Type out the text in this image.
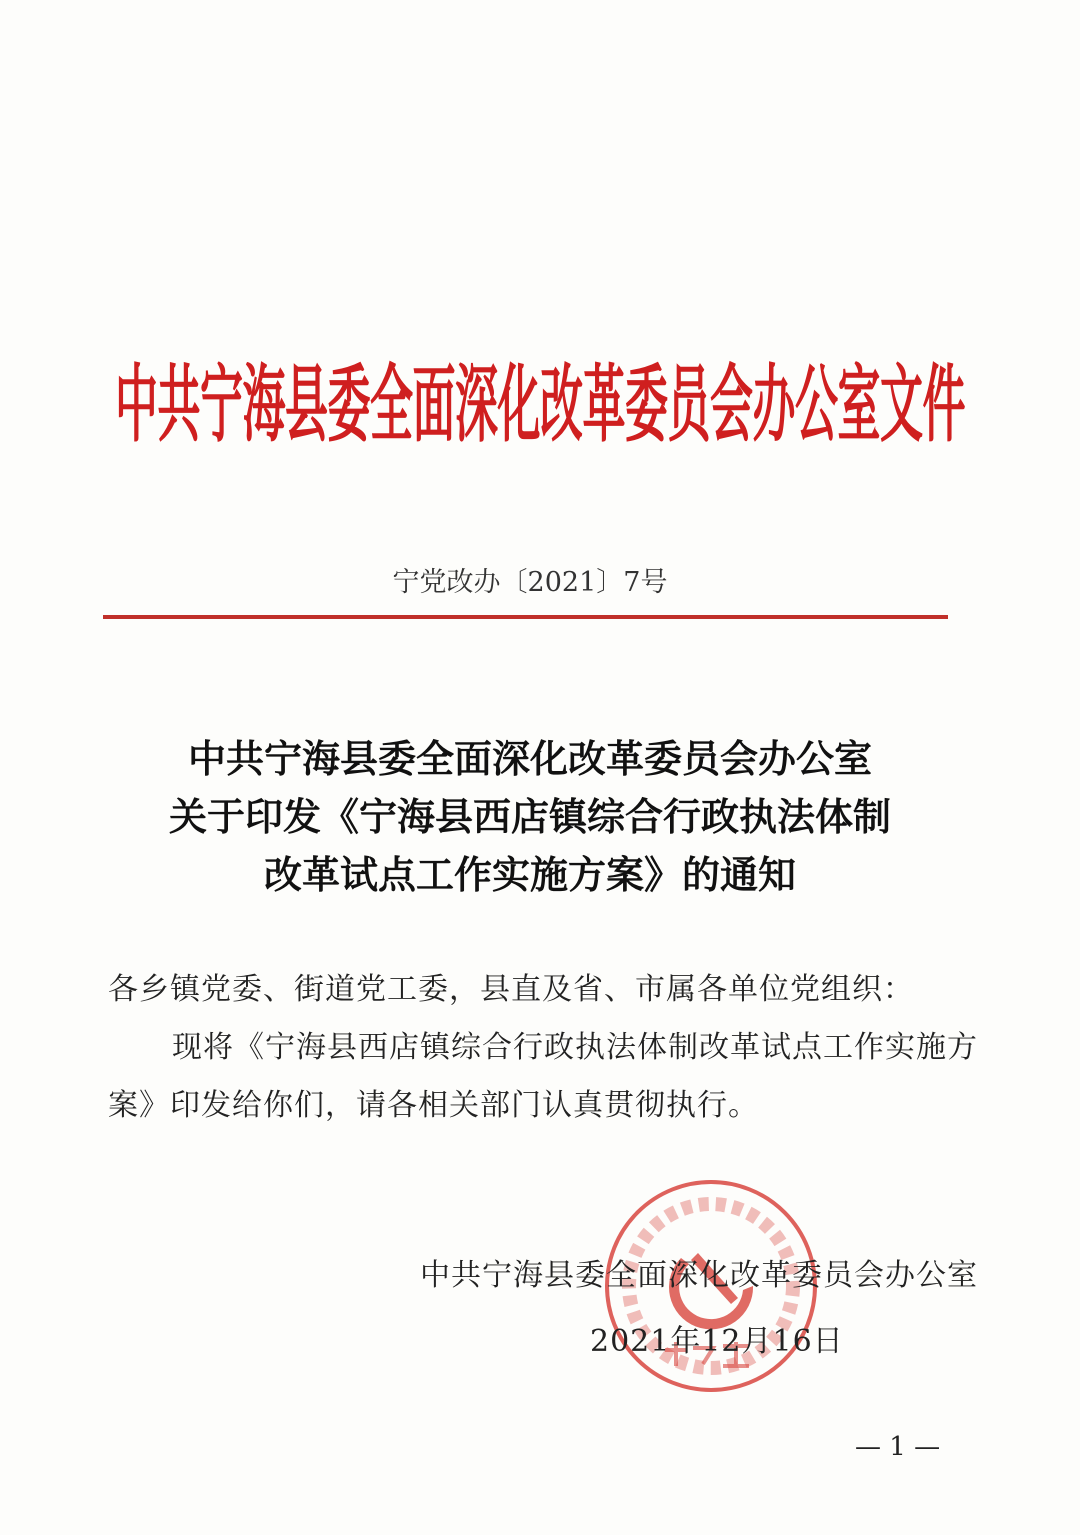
中共宁海县委全面深化改革委员会办公室文件
宁党改办〔2021〕7号
中共宁海县委全面深化改革委员会办公室
关于印发《宁海县西店镇综合行政执法体制
改革试点工作实施方案》的通知
各乡镇党委、街道党工委，县直及省、市属各单位党组织：
现将《宁海县西店镇综合行政执法体制改革试点工作实施方
案》印发给你们，请各相关部门认真贯彻执行。
中共宁海县委全面深化改革委员会办公室
2021年12月16日
— 1 —
